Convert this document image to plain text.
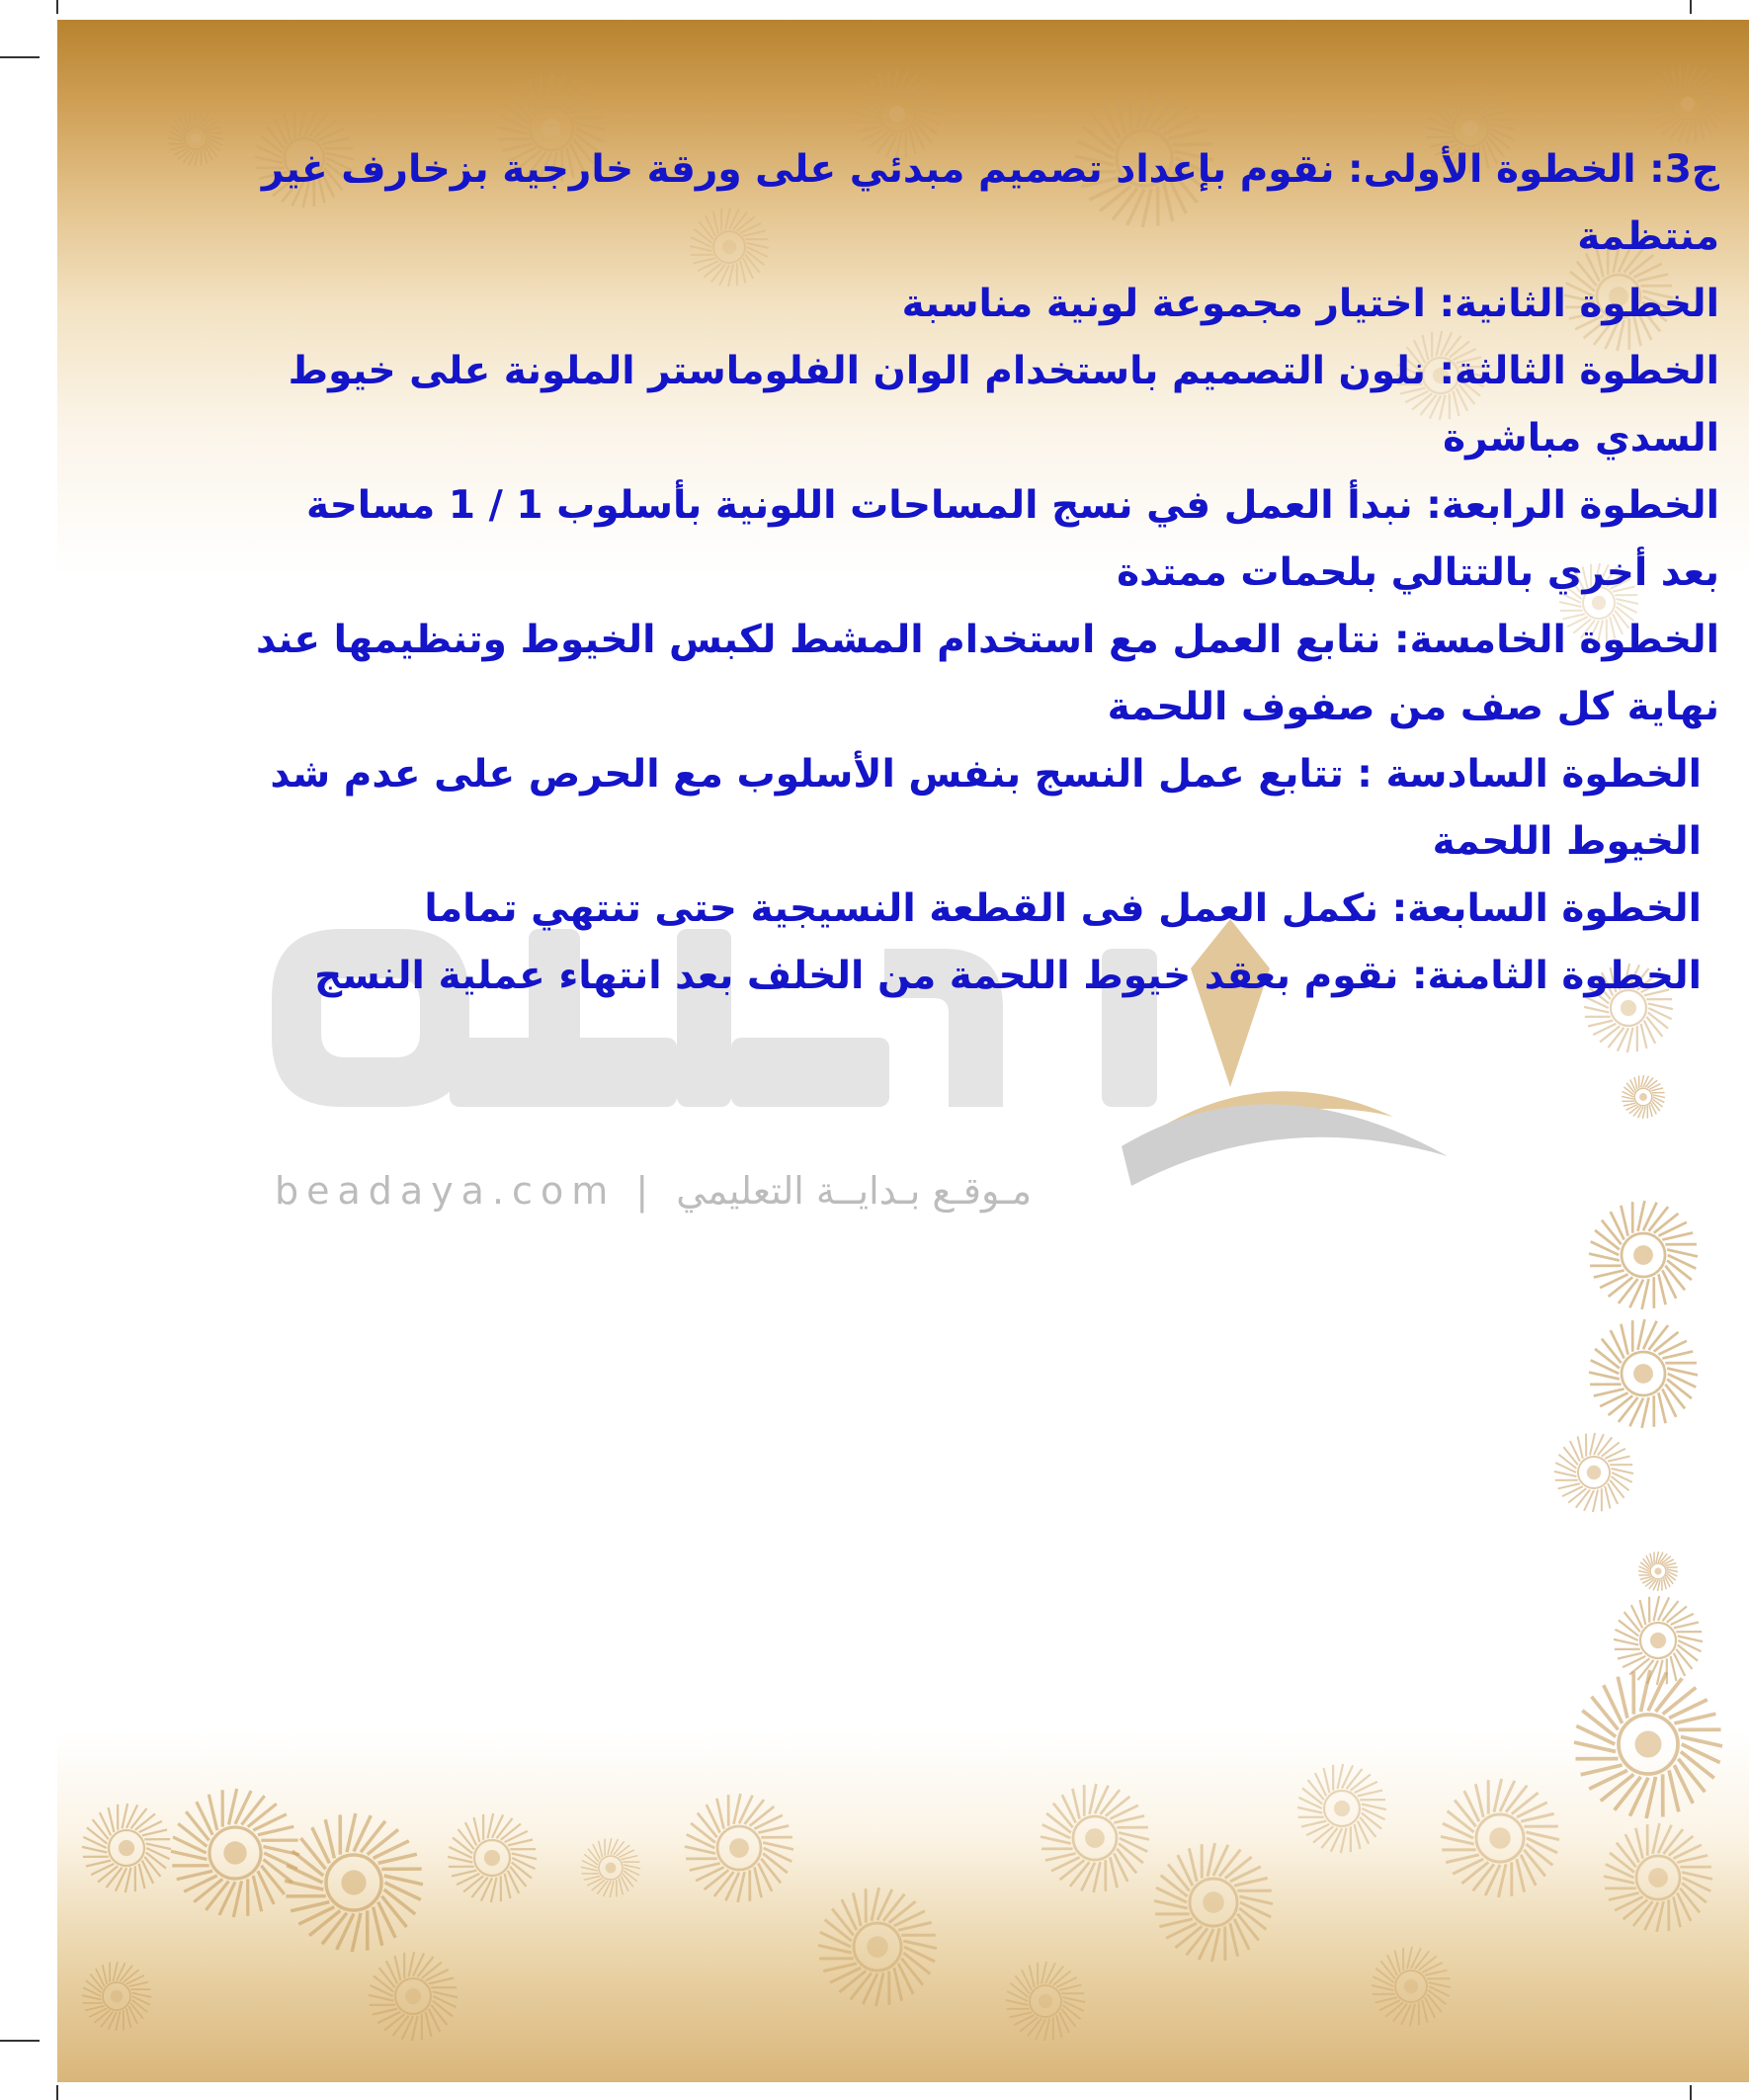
beadaya.com | مـوقـع بـدايــة التعليمي

ج3: الخطوة الأولى: نقوم بإعداد تصميم مبدئي على ورقة خارجية بزخارف غير منتظمة

الخطوة الثانية: اختيار مجموعة لونية مناسبة

الخطوة الثالثة: نلون التصميم باستخدام الوان الفلوماستر الملونة على خيوط السدي مباشرة

الخطوة الرابعة: نبدأ العمل في نسج المساحات اللونية بأسلوب 1 / 1 مساحة بعد أخري بالتتالي بلحمات ممتدة

الخطوة الخامسة: نتابع العمل مع استخدام المشط لكبس الخيوط وتنظيمها عند نهاية كل صف من صفوف اللحمة

الخطوة السادسة : تتابع عمل النسج بنفس الأسلوب مع الحرص على عدم شد الخيوط اللحمة

الخطوة السابعة: نكمل العمل فى القطعة النسيجية حتى تنتهي تماما

الخطوة الثامنة: نقوم بعقد خيوط اللحمة من الخلف بعد انتهاء عملية النسج
